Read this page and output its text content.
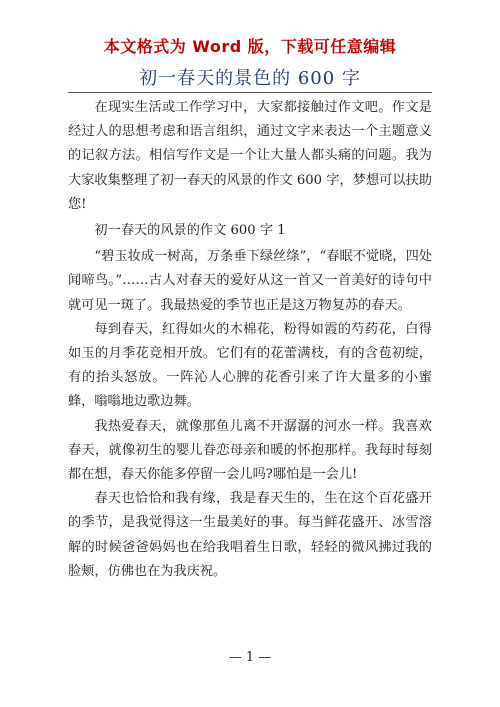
本文格式为 Word 版，下载可任意编辑
初一春天的景色的 600 字

在现实生活或工作学习中，大家都接触过作文吧。作文是经过人的思想考虑和语言组织，通过文字来表达一个主题意义的记叙方法。相信写作文是一个让大量人都头痛的问题。我为大家收集整理了初一春天的风景的作文 600 字，梦想可以扶助您!

初一春天的风景的作文 600 字 1

“碧玉妆成一树高，万条垂下绿丝绦”，“春眠不觉晓，四处闻啼鸟。”……古人对春天的爱好从这一首又一首美好的诗句中就可见一斑了。我最热爱的季节也正是这万物复苏的春天。

每到春天，红得如火的木棉花，粉得如霞的芍药花，白得如玉的月季花竞相开放。它们有的花蕾满枝，有的含苞初绽，有的抬头怒放。一阵沁人心脾的花香引来了许大量多的小蜜蜂，嗡嗡地边歌边舞。

我热爱春天，就像那鱼儿离不开潺潺的河水一样。我喜欢春天，就像初生的婴儿眷恋母亲和暖的怀抱那样。我每时每刻都在想，春天你能多停留一会儿吗?哪怕是一会儿!

春天也恰恰和我有缘，我是春天生的，生在这个百花盛开的季节，是我觉得这一生最美好的事。每当鲜花盛开、冰雪溶解的时候爸爸妈妈也在给我唱着生日歌，轻轻的微风拂过我的脸颊，仿佛也在为我庆祝。

— 1 —
